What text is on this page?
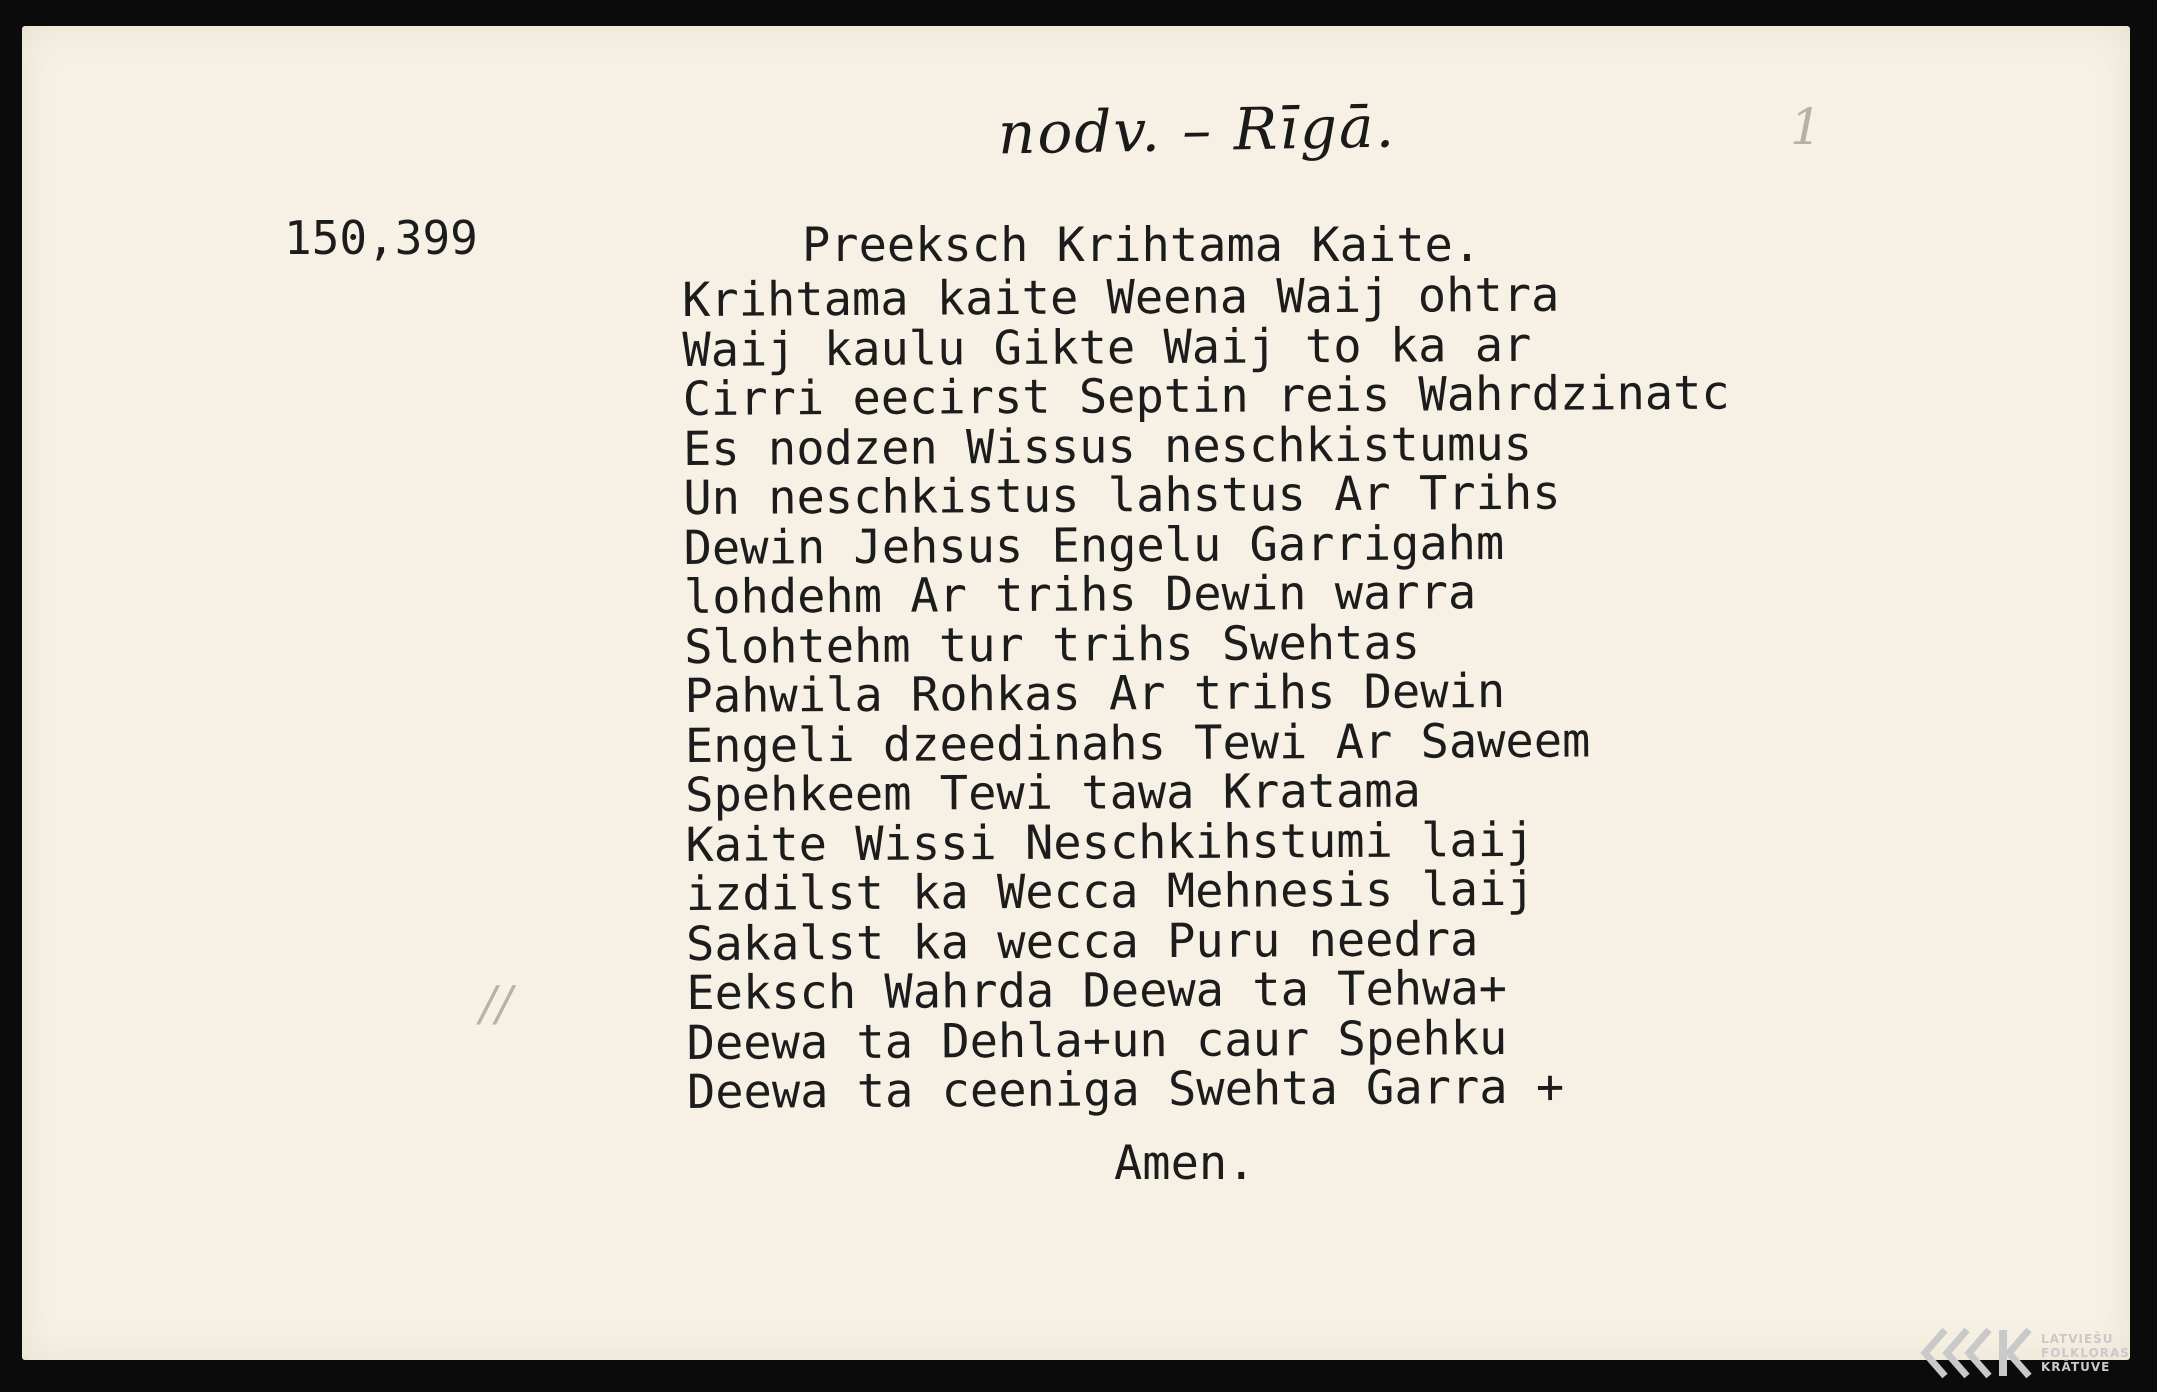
nodv. – Rīgā.	1
//
150,399	Preeksch Krihtama Kaite.
Krihtama kaite Weena Waij ohtra
Waij kaulu Gikte Waij to ka ar
Cirri eecirst Septin reis Wahrdzinatc
Es nodzen Wissus neschkistumus
Un neschkistus lahstus Ar Trihs
Dewin Jehsus Engelu Garrigahm
lohdehm Ar trihs Dewin warra
Slohtehm tur trihs Swehtas
Pahwila Rohkas Ar trihs Dewin
Engeli dzeedinahs Tewi Ar Saweem
Spehkeem Tewi tawa Kratama
Kaite Wissi Neschkihstumi laij
izdilst ka Wecca Mehnesis laij
Sakalst ka wecca Puru needra
Eeksch Wahrda Deewa ta Tehwa+
Deewa ta Dehla+un caur Spehku
Deewa ta ceeniga Swehta Garra +
Amen.
LATVIEŠU
FOLKLORAS
KRĀTUVE
